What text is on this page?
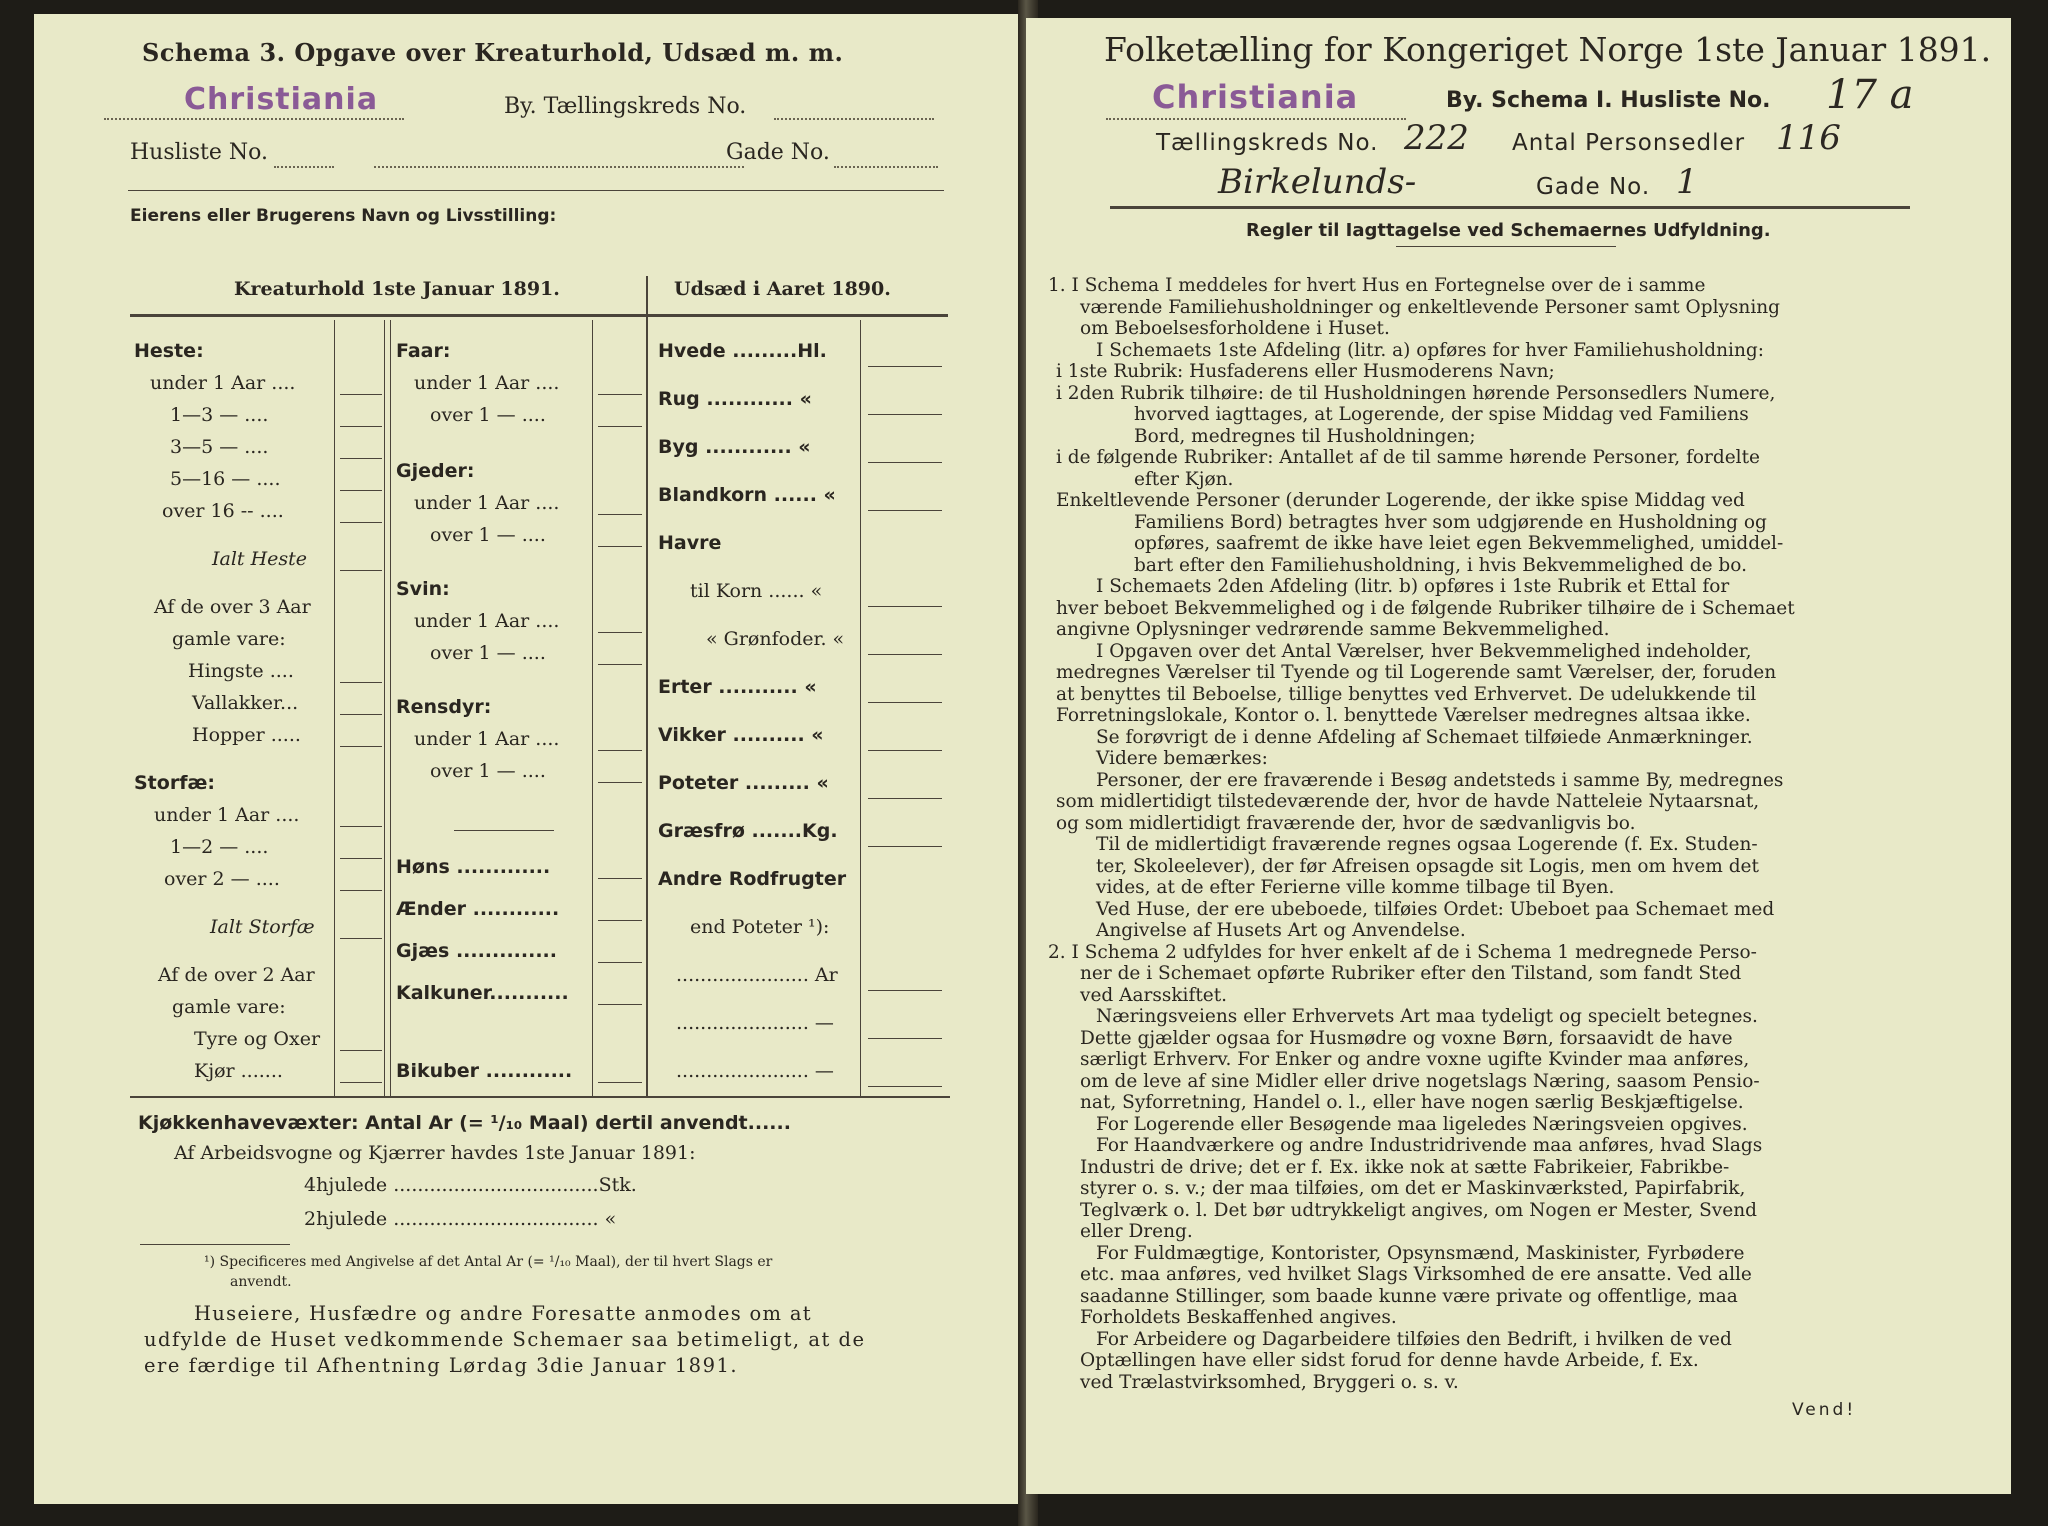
Schema 3. Opgave over Kreaturhold, Udsæd m. m.
Christiania	By. Tællingskreds No.
Husliste No.	Gade No.
Eierens eller Brugerens Navn og Livsstilling:
Kreaturhold 1ste Januar 1891.	Udsæd i Aaret 1890.
Kjøkkenhavevæxter: Antal Ar (= ¹/₁₀ Maal) dertil anvendt......
Af Arbeidsvogne og Kjærrer havdes 1ste Januar 1891:
4hjulede ..................................Stk.
2hjulede .................................. «
¹) Specificeres med Angivelse af det Antal Ar (= ¹/₁₀ Maal), der til hvert Slags er
anvendt.
Huseiere, Husfædre og andre Foresatte anmodes om at
udfylde de Huset vedkommende Schemaer saa betimeligt, at de
ere færdige til Afhentning Lørdag 3die Januar 1891.
Heste:
under 1 Aar ....
1—3 — ....
3—5 — ....
5—16 — ....
over 16 -- ....
Ialt Heste
Af de over 3 Aar
gamle vare:
Hingste ....
Vallakker...
Hopper .....
Storfæ:
under 1 Aar ....
1—2 — ....
over 2 — ....
Ialt Storfæ
Af de over 2 Aar
gamle vare:
Tyre og Oxer
Kjør .......
Faar:
under 1 Aar ....
over 1 — ....
Gjeder:
under 1 Aar ....
over 1 — ....
Svin:
under 1 Aar ....
over 1 — ....
Rensdyr:
under 1 Aar ....
over 1 — ....
Høns .............
Ænder ............
Gjæs ..............
Kalkuner...........
Bikuber ............
Hvede .........Hl.
Rug ............ «
Byg ............ «
Blandkorn ...... «
Havre
til Korn ...... «
« Grønfoder. «
Erter ........... «
Vikker .......... «
Poteter ......... «
Græsfrø .......Kg.
Andre Rodfrugter
end Poteter ¹):
...................... Ar
...................... —
...................... —
Folketælling for Kongeriget Norge 1ste Januar 1891.
Christiania	By. Schema I. Husliste No. 17 a
Tællingskreds No. 222 Antal Personsedler 116
Birkelunds-	Gade No. 1
Regler til Iagttagelse ved Schemaernes Udfyldning.
Vend!
1. I Schema I meddeles for hvert Hus en Fortegnelse over de i samme
værende Familiehusholdninger og enkeltlevende Personer samt Oplysning
om Beboelsesforholdene i Huset.
I Schemaets 1ste Afdeling (litr. a) opføres for hver Familiehusholdning:
i 1ste Rubrik: Husfaderens eller Husmoderens Navn;
i 2den Rubrik tilhøire: de til Husholdningen hørende Personsedlers Numere,
hvorved iagttages, at Logerende, der spise Middag ved Familiens
Bord, medregnes til Husholdningen;
i de følgende Rubriker: Antallet af de til samme hørende Personer, fordelte
efter Kjøn.
Enkeltlevende Personer (derunder Logerende, der ikke spise Middag ved
Familiens Bord) betragtes hver som udgjørende en Husholdning og
opføres, saafremt de ikke have leiet egen Bekvemmelighed, umiddel-
bart efter den Familiehusholdning, i hvis Bekvemmelighed de bo.
I Schemaets 2den Afdeling (litr. b) opføres i 1ste Rubrik et Ettal for
hver beboet Bekvemmelighed og i de følgende Rubriker tilhøire de i Schemaet
angivne Oplysninger vedrørende samme Bekvemmelighed.
I Opgaven over det Antal Værelser, hver Bekvemmelighed indeholder,
medregnes Værelser til Tyende og til Logerende samt Værelser, der, foruden
at benyttes til Beboelse, tillige benyttes ved Erhvervet. De udelukkende til
Forretningslokale, Kontor o. l. benyttede Værelser medregnes altsaa ikke.
Se forøvrigt de i denne Afdeling af Schemaet tilføiede Anmærkninger.
Videre bemærkes:
Personer, der ere fraværende i Besøg andetsteds i samme By, medregnes
som midlertidigt tilstedeværende der, hvor de havde Natteleie Nytaarsnat,
og som midlertidigt fraværende der, hvor de sædvanligvis bo.
Til de midlertidigt fraværende regnes ogsaa Logerende (f. Ex. Studen-
ter, Skoleelever), der før Afreisen opsagde sit Logis, men om hvem det
vides, at de efter Ferierne ville komme tilbage til Byen.
Ved Huse, der ere ubeboede, tilføies Ordet: Ubeboet paa Schemaet med
Angivelse af Husets Art og Anvendelse.
2. I Schema 2 udfyldes for hver enkelt af de i Schema 1 medregnede Perso-
ner de i Schemaet opførte Rubriker efter den Tilstand, som fandt Sted
ved Aarsskiftet.
Næringsveiens eller Erhvervets Art maa tydeligt og specielt betegnes.
Dette gjælder ogsaa for Husmødre og voxne Børn, forsaavidt de have
særligt Erhverv. For Enker og andre voxne ugifte Kvinder maa anføres,
om de leve af sine Midler eller drive nogetslags Næring, saasom Pensio-
nat, Syforretning, Handel o. l., eller have nogen særlig Beskjæftigelse.
For Logerende eller Besøgende maa ligeledes Næringsveien opgives.
For Haandværkere og andre Industridrivende maa anføres, hvad Slags
Industri de drive; det er f. Ex. ikke nok at sætte Fabrikeier, Fabrikbe-
styrer o. s. v.; der maa tilføies, om det er Maskinværksted, Papirfabrik,
Teglværk o. l. Det bør udtrykkeligt angives, om Nogen er Mester, Svend
eller Dreng.
For Fuldmægtige, Kontorister, Opsynsmænd, Maskinister, Fyrbødere
etc. maa anføres, ved hvilket Slags Virksomhed de ere ansatte. Ved alle
saadanne Stillinger, som baade kunne være private og offentlige, maa
Forholdets Beskaffenhed angives.
For Arbeidere og Dagarbeidere tilføies den Bedrift, i hvilken de ved
Optællingen have eller sidst forud for denne havde Arbeide, f. Ex.
ved Trælastvirksomhed, Bryggeri o. s. v.
